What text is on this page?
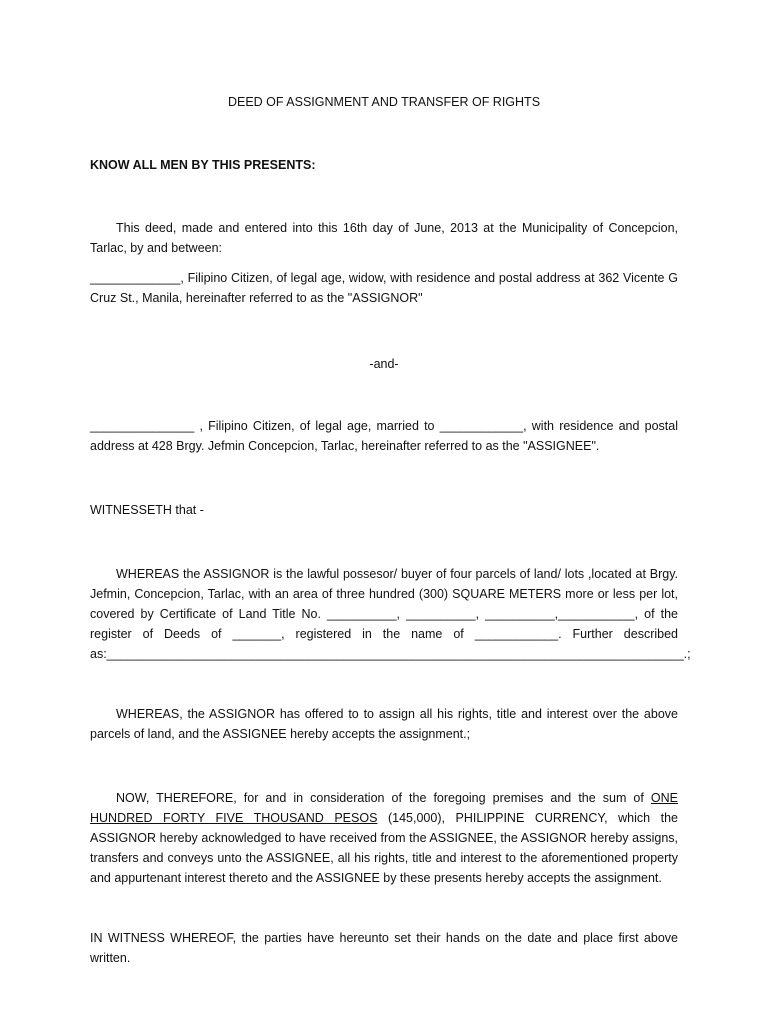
DEED OF ASSIGNMENT AND TRANSFER OF RIGHTS
KNOW ALL MEN BY THIS PRESENTS:
This deed, made and entered into this 16th day of June, 2013 at the Municipality of Concepcion, Tarlac, by and between:
_____________, Filipino Citizen, of legal age, widow, with residence and postal address at 362 Vicente G Cruz St., Manila, hereinafter referred to as the "ASSIGNOR"
-and-
_______________ , Filipino Citizen, of legal age, married to ____________, with residence and postal address at 428 Brgy. Jefmin Concepcion, Tarlac, hereinafter referred to as the "ASSIGNEE".
WITNESSETH that -
WHEREAS the ASSIGNOR is the lawful possesor/ buyer of four parcels of land/ lots ,located at Brgy. Jefmin, Concepcion, Tarlac, with an area of three hundred (300) SQUARE METERS more or less per lot, covered by Certificate of Land Title No. __________, __________, __________,___________, of the register of Deeds of _______, registered in the name of ____________. Further described as:___________________________________________________________________________________.;
WHEREAS, the ASSIGNOR has offered to to assign all his rights, title and interest over the above parcels of land, and the ASSIGNEE hereby accepts the assignment.;
NOW, THEREFORE, for and in consideration of the foregoing premises and the sum of ONE HUNDRED FORTY FIVE THOUSAND PESOS (145,000), PHILIPPINE CURRENCY, which the ASSIGNOR hereby acknowledged to have received from the ASSIGNEE, the ASSIGNOR hereby assigns, transfers and conveys unto the ASSIGNEE, all his rights, title and interest to the aforementioned property and appurtenant interest thereto and the ASSIGNEE by these presents hereby accepts the assignment.
IN WITNESS WHEREOF, the parties have hereunto set their hands on the date and place first above written.
